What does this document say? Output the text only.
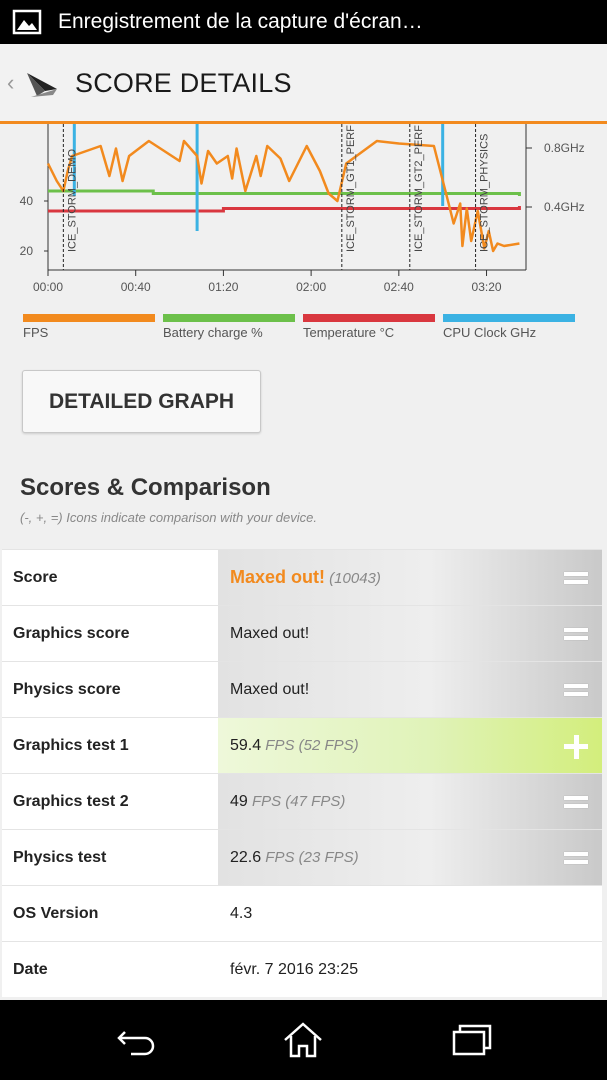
Enregistrement de la capture d'écran…
‹ SCORE DETAILS
40
20
0.8GHz
0.4GHz
00:00	00:40	01:20	02:00	02:40	03:20
ICE_STORM_DEMO	ICE_STORM_GT1_PERF	ICE_STORM_GT2_PERF	ICE_STORM_PHYSICS
FPS	Battery charge %	Temperature °C	CPU Clock GHz
DETAILED GRAPH
Scores & Comparison
(-, +, =) Icons indicate comparison with your device.
Score	Maxed out! (10043)
Graphics score	Maxed out!
Physics score	Maxed out!
Graphics test 1	59.4 FPS (52 FPS)
Graphics test 2	49 FPS (47 FPS)
Physics test	22.6 FPS (23 FPS)
OS Version	4.3
Date	févr. 7 2016 23:25
